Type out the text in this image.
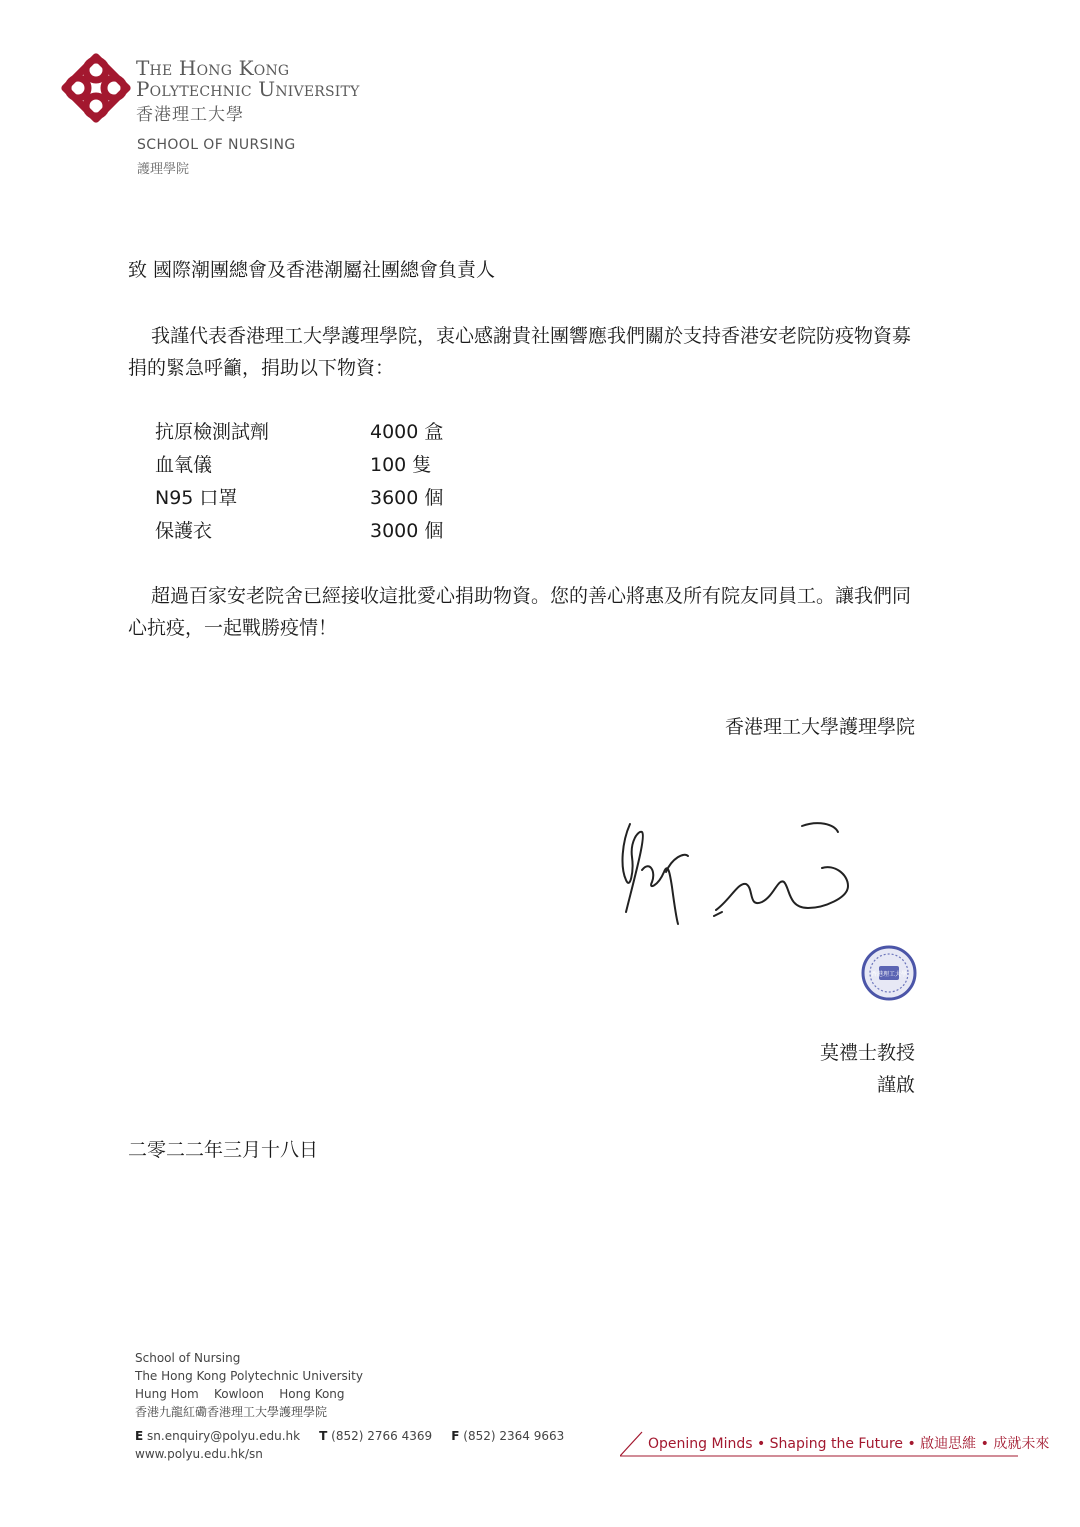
The Hong Kong
Polytechnic University
香港理工大學
SCHOOL OF NURSING
護理學院
致 國際潮團總會及香港潮屬社團總會負責人
我謹代表香港理工大學護理學院，衷心感謝貴社團響應我們關於支持香港安老院防疫物資募捐的緊急呼籲，捐助以下物資：
抗原檢測試劑	4000 盒
血氧儀	100 隻
N95 口罩	3600 個
保護衣	3000 個
超過百家安老院舍已經接收這批愛心捐助物資。您的善心將惠及所有院友同員工。讓我們同心抗疫，一起戰勝疫情！
香港理工大學護理學院
香港理工大學
莫禮士教授
謹啟
二零二二年三月十八日
School of Nursing
The Hong Kong Polytechnic University
Hung Hom    Kowloon    Hong Kong
香港九龍紅磡香港理工大學護理學院
E sn.enquiry@polyu.edu.hk T (852) 2766 4369 F (852) 2364 9663
www.polyu.edu.hk/sn
Opening Minds • Shaping the Future • 啟迪思維 • 成就未來
